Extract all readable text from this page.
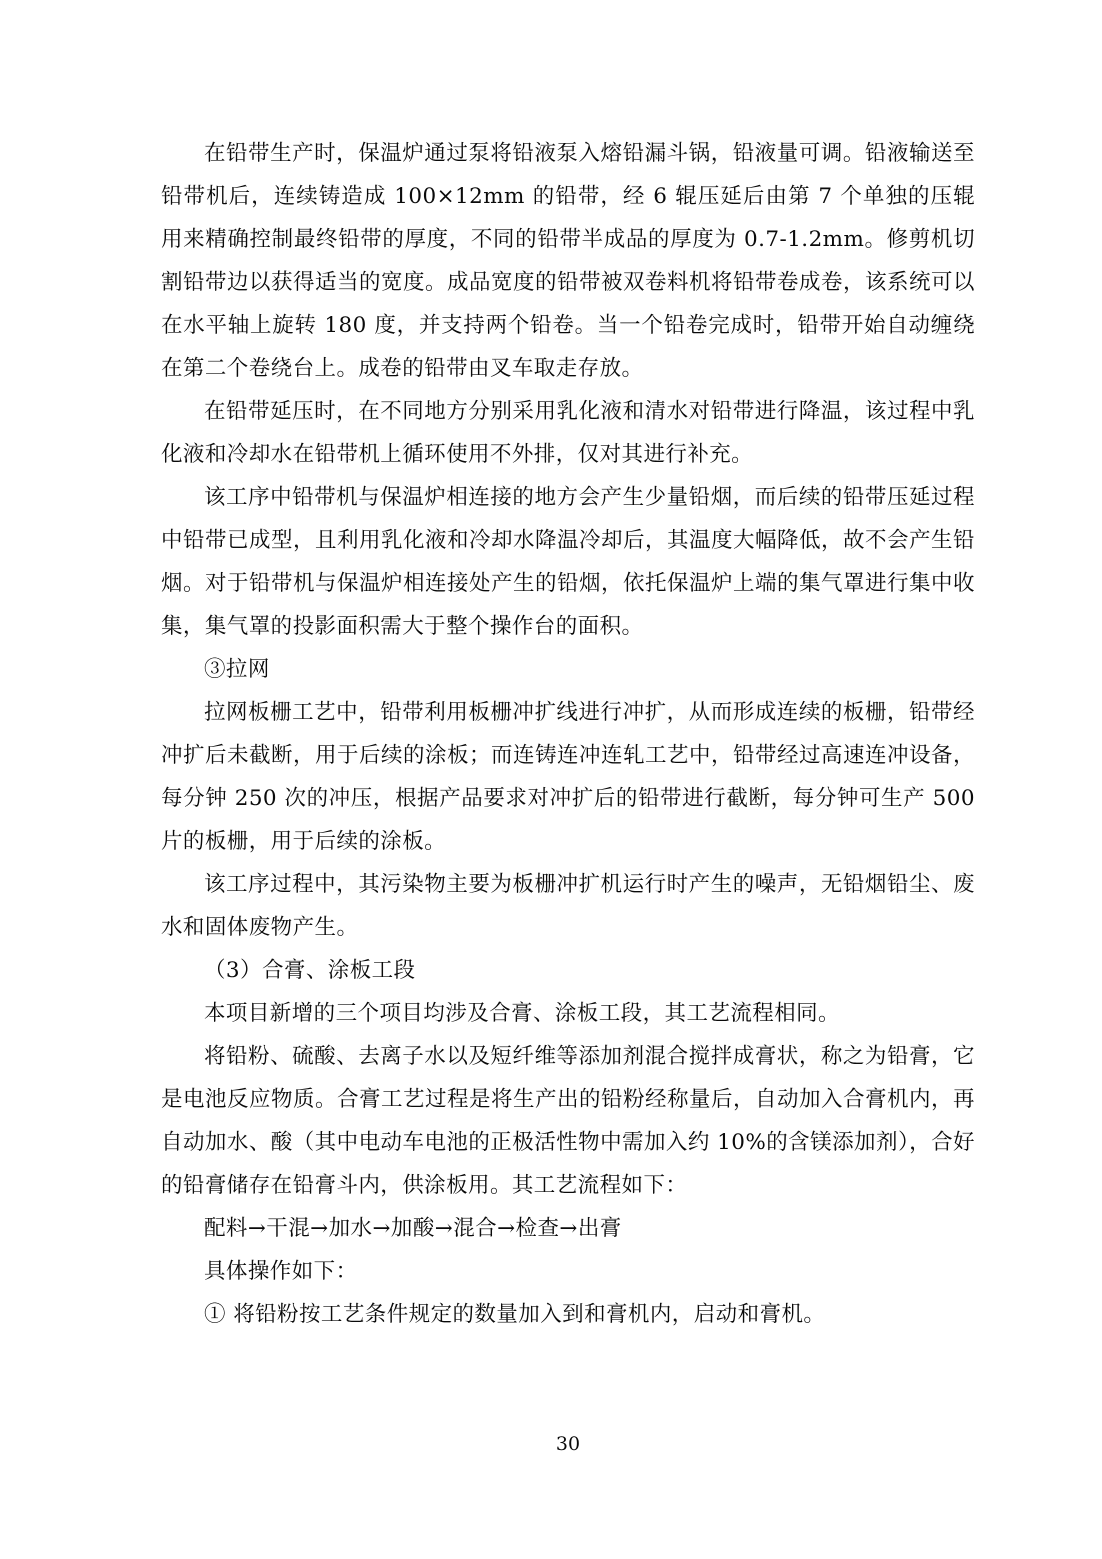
在铅带生产时，保温炉通过泵将铅液泵入熔铅漏斗锅，铅液量可调。铅液输送至铅带机后，连续铸造成 100×12mm 的铅带，经 6 辊压延后由第 7 个单独的压辊用来精确控制最终铅带的厚度，不同的铅带半成品的厚度为 0.7-1.2mm。修剪机切割铅带边以获得适当的宽度。成品宽度的铅带被双卷料机将铅带卷成卷，该系统可以在水平轴上旋转 180 度，并支持两个铅卷。当一个铅卷完成时，铅带开始自动缠绕在第二个卷绕台上。成卷的铅带由叉车取走存放。

在铅带延压时，在不同地方分别采用乳化液和清水对铅带进行降温，该过程中乳化液和冷却水在铅带机上循环使用不外排，仅对其进行补充。

该工序中铅带机与保温炉相连接的地方会产生少量铅烟，而后续的铅带压延过程中铅带已成型，且利用乳化液和冷却水降温冷却后，其温度大幅降低，故不会产生铅烟。对于铅带机与保温炉相连接处产生的铅烟，依托保温炉上端的集气罩进行集中收集，集气罩的投影面积需大于整个操作台的面积。

③拉网

拉网板栅工艺中，铅带利用板栅冲扩线进行冲扩，从而形成连续的板栅，铅带经冲扩后未截断，用于后续的涂板；而连铸连冲连轧工艺中，铅带经过高速连冲设备，每分钟 250 次的冲压，根据产品要求对冲扩后的铅带进行截断，每分钟可生产 500 片的板栅，用于后续的涂板。

该工序过程中，其污染物主要为板栅冲扩机运行时产生的噪声，无铅烟铅尘、废水和固体废物产生。

（3）合膏、涂板工段

本项目新增的三个项目均涉及合膏、涂板工段，其工艺流程相同。

将铅粉、硫酸、去离子水以及短纤维等添加剂混合搅拌成膏状，称之为铅膏，它是电池反应物质。合膏工艺过程是将生产出的铅粉经称量后，自动加入合膏机内，再自动加水、酸（其中电动车电池的正极活性物中需加入约 10%的含镁添加剂），合好的铅膏储存在铅膏斗内，供涂板用。其工艺流程如下：

配料→干混→加水→加酸→混合→检查→出膏

具体操作如下：

① 将铅粉按工艺条件规定的数量加入到和膏机内，启动和膏机。

30
